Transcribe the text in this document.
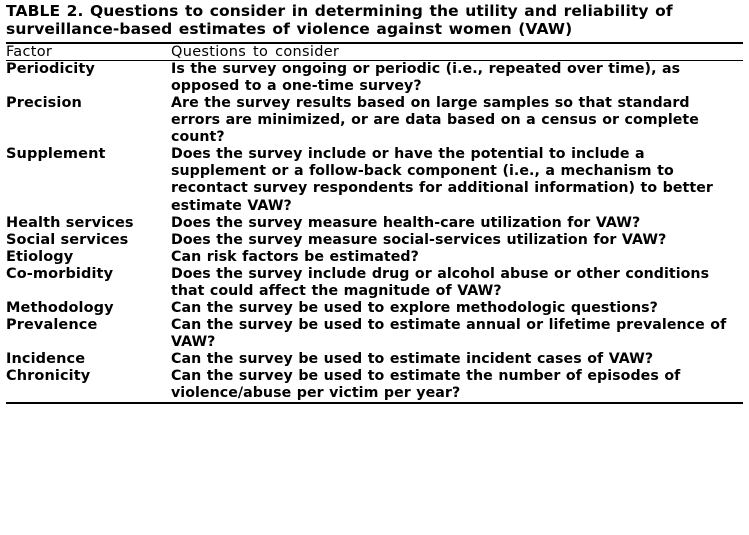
TABLE 2. Questions to consider in determining the utility and reliability of surveillance-based estimates of violence against women (VAW)
Factor	Questions to consider
Periodicity	Is the survey ongoing or periodic (i.e., repeated over time), as opposed to a one-time survey?
Precision	Are the survey results based on large samples so that standard errors are minimized, or are data based on a census or complete count?
Supplement	Does the survey include or have the potential to include a supplement or a follow-back component (i.e., a mechanism to recontact survey respondents for additional information) to better estimate VAW?
Health services	Does the survey measure health-care utilization for VAW?
Social services	Does the survey measure social-services utilization for VAW?
Etiology	Can risk factors be estimated?
Co-morbidity	Does the survey include drug or alcohol abuse or other conditions that could affect the magnitude of VAW?
Methodology	Can the survey be used to explore methodologic questions?
Prevalence	Can the survey be used to estimate annual or lifetime prevalence of VAW?
Incidence	Can the survey be used to estimate incident cases of VAW?
Chronicity	Can the survey be used to estimate the number of episodes of violence/abuse per victim per year?
